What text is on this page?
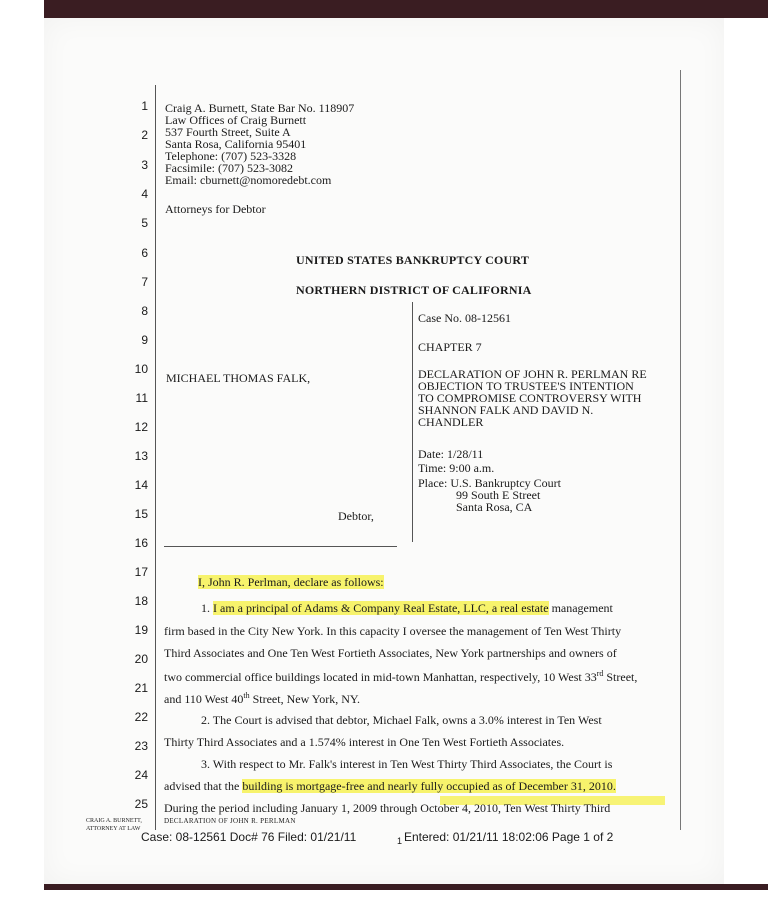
1
2
3
4
5
6
7
8
9
10
11
12
13
14
15
16
17
18
19
20
21
22
23
24
25
Craig A. Burnett, State Bar No. 118907
Law Offices of Craig Burnett
537 Fourth Street, Suite A
Santa Rosa, California 95401
Telephone: (707) 523-3328
Facsimile: (707) 523-3082
Email: cburnett@nomoredebt.com
Attorneys for Debtor
UNITED STATES BANKRUPTCY COURT
NORTHERN DISTRICT OF CALIFORNIA
Case No. 08-12561
CHAPTER 7
MICHAEL THOMAS FALK,	DECLARATION OF JOHN R. PERLMAN RE
OBJECTION TO TRUSTEE'S INTENTION
TO COMPROMISE CONTROVERSY WITH
SHANNON FALK AND DAVID N.
CHANDLER
Date: 1/28/11
Time: 9:00 a.m.
Place: U.S. Bankruptcy Court
99 South E Street
Santa Rosa, CA
Debtor,
I, John R. Perlman, declare as follows:
1. I am a principal of Adams & Company Real Estate, LLC, a real estate management
firm based in the City New York. In this capacity I oversee the management of Ten West Thirty
Third Associates and One Ten West Fortieth Associates, New York partnerships and owners of
two commercial office buildings located in mid-town Manhattan, respectively, 10 West 33rd Street,
and 110 West 40th Street, New York, NY.
2. The Court is advised that debtor, Michael Falk, owns a 3.0% interest in Ten West
Thirty Third Associates and a 1.574% interest in One Ten West Fortieth Associates.
3. With respect to Mr. Falk's interest in Ten West Thirty Third Associates, the Court is
advised that the building is mortgage-free and nearly fully occupied as of December 31, 2010.
During the period including January 1, 2009 through October 4, 2010, Ten West Thirty Third
DECLARATION OF JOHN R. PERLMAN
CRAIG A. BURNETT,
ATTORNEY AT LAW
Case: 08-12561 Doc# 76 Filed: 01/21/11	1 Entered: 01/21/11 18:02:06 Page 1 of 2
